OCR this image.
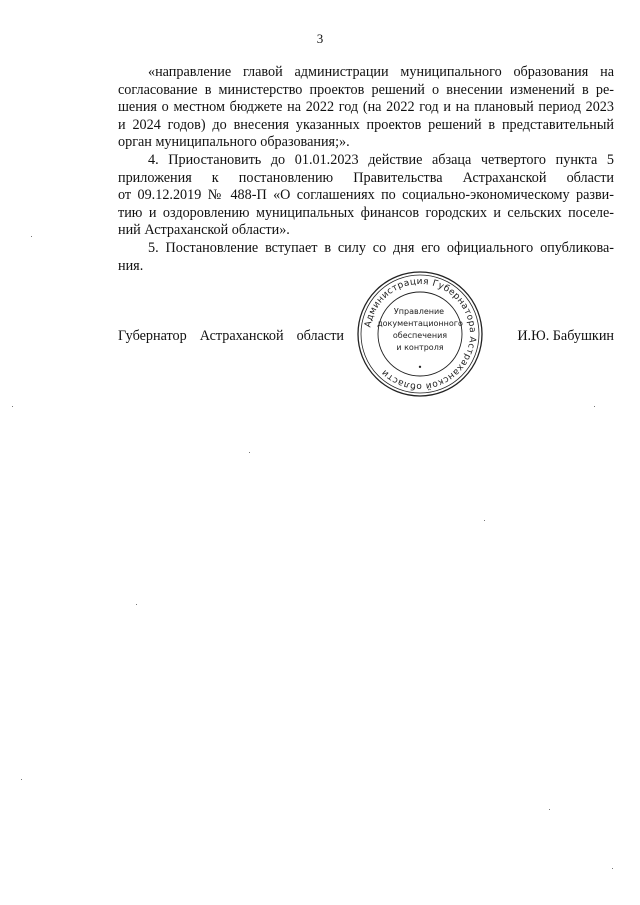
3
«направление главой администрации муниципального образования на
согласование в министерство проектов решений о внесении изменений в ре-
шения о местном бюджете на 2022 год (на 2022 год и на плановый период 2023
и 2024 годов) до внесения указанных проектов решений в представительный
орган муниципального образования;».
4. Приостановить до 01.01.2023 действие абзаца четвертого пункта 5
приложения к постановлению Правительства Астраханской области
от 09.12.2019 № 488-П «О соглашениях по социально-экономическому разви-
тию и оздоровлению муниципальных финансов городских и сельских поселе-
ний Астраханской области».
5. Постановление вступает в силу со дня его официального опубликова-
ния.
Губернатор Астраханской области	И.Ю. Бабушкин
Администрация Губернатора Астраханской области	•
Управление
документационного
обеспечения
и контроля
